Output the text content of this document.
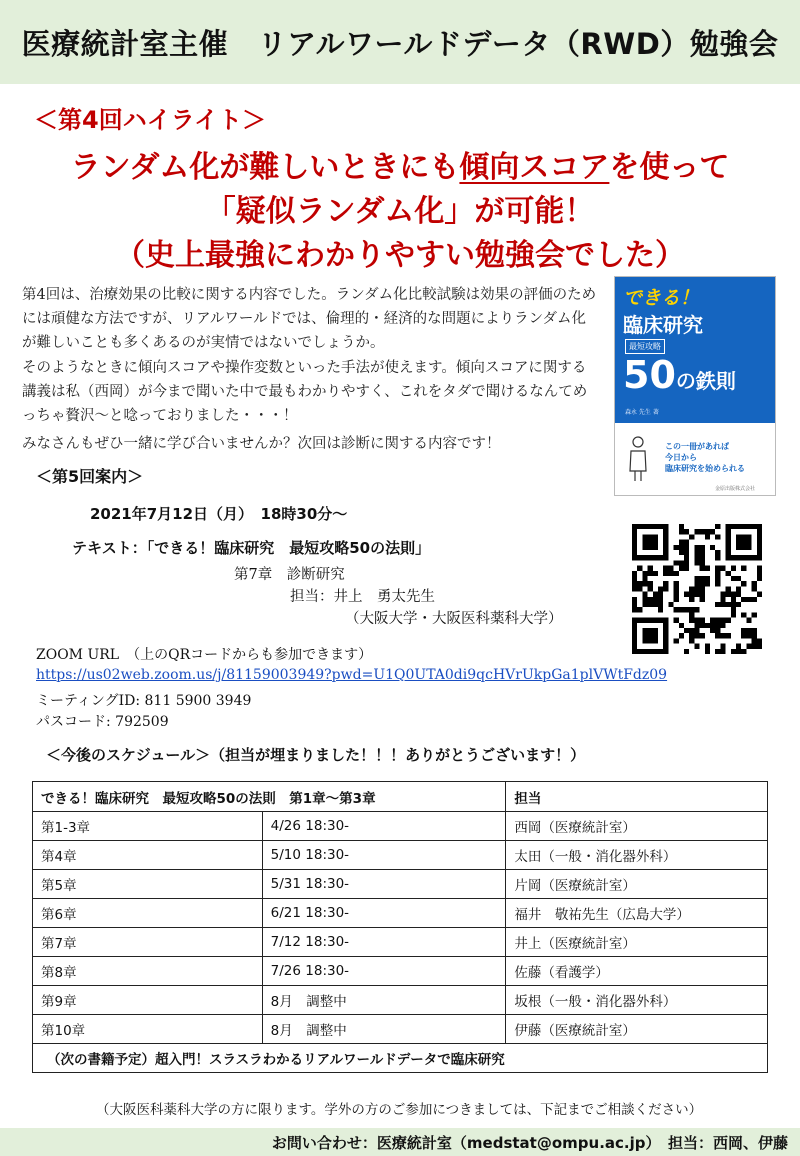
医療統計室主催　リアルワールドデータ（RWD）勉強会
＜第4回ハイライト＞
ランダム化が難しいときにも傾向スコアを使って
「疑似ランダム化」が可能！
（史上最強にわかりやすい勉強会でした）
第4回は、治療効果の比較に関する内容でした。ランダム化比較試験は効果の評価のためには頑健な方法ですが、リアルワールドでは、倫理的・経済的な問題によりランダム化が難しいことも多くあるのが実情ではないでしょうか。
そのようなときに傾向スコアや操作変数といった手法が使えます。傾向スコアに関する講義は私（西岡）が今まで聞いた中で最もわかりやすく、これをタダで聞けるなんてめっちゃ贅沢〜と唸っておりました・・・！
みなさんもぜひ一緒に学び合いませんか？次回は診断に関する内容です！
できる！
臨床研究
最短攻略
50の鉄則
森永 先生 著
この一冊があれば
今日から
臨床研究を始められる
金原出版株式会社
＜第5回案内＞
2021年7月12日（月）　18時30分〜
テキスト：「できる！臨床研究　最短攻略50の法則」
第7章　診断研究
担当：井上　勇太先生
（大阪大学・大阪医科薬科大学）
ZOOM URL　（上のQRコードからも参加できます）
https://us02web.zoom.us/j/81159003949?pwd=U1Q0UTA0di9qcHVrUkpGa1plVWtFdz09
ミーティングID: 811 5900 3949
パスコード: 792509
＜今後のスケジュール＞（担当が埋まりました！！！ありがとうございます！）
できる！臨床研究　最短攻略50の法則　第1章〜第3章		担当
第1-3章	4/26 18:30-	西岡（医療統計室）
第4章	5/10 18:30-	太田（一般・消化器外科）
第5章	5/31 18:30-	片岡（医療統計室）
第6章	6/21 18:30-	福井　敬祐先生（広島大学）
第7章	7/12 18:30-	井上（医療統計室）
第8章	7/26 18:30-	佐藤（看護学）
第9章	8月　調整中	坂根（一般・消化器外科）
第10章	8月　調整中	伊藤（医療統計室）
（次の書籍予定）超入門！スラスラわかるリアルワールドデータで臨床研究		
（大阪医科薬科大学の方に限ります。学外の方のご参加につきましては、下記までご相談ください）
お問い合わせ：医療統計室（medstat@ompu.ac.jp）　担当：西岡、伊藤
